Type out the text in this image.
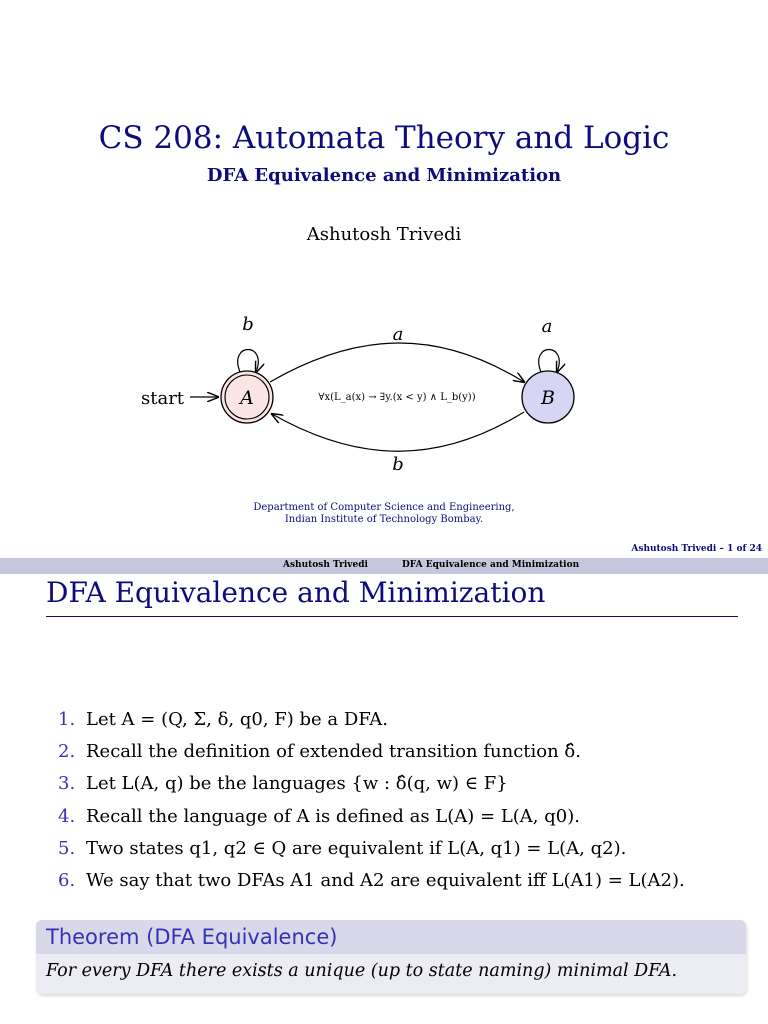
CS 208: Automata Theory and Logic
DFA Equivalence and Minimization
Ashutosh Trivedi
start	A	B
b	a
a
b
∀x(L_a(x) → ∃y.(x < y) ∧ L_b(y))
Department of Computer Science and Engineering,
Indian Institute of Technology Bombay.
Ashutosh Trivedi – 1 of 24
Ashutosh Trivedi	DFA Equivalence and Minimization
DFA Equivalence and Minimization
1. Let A = (Q, Σ, δ, q0, F) be a DFA.
2. Recall the definition of extended transition function δ̂.
3. Let L(A, q) be the languages {w : δ̂(q, w) ∈ F}
4. Recall the language of A is defined as L(A) = L(A, q0).
5. Two states q1, q2 ∈ Q are equivalent if L(A, q1) = L(A, q2).
6. We say that two DFAs A1 and A2 are equivalent iff L(A1) = L(A2).
Theorem (DFA Equivalence)
For every DFA there exists a unique (up to state naming) minimal DFA.
